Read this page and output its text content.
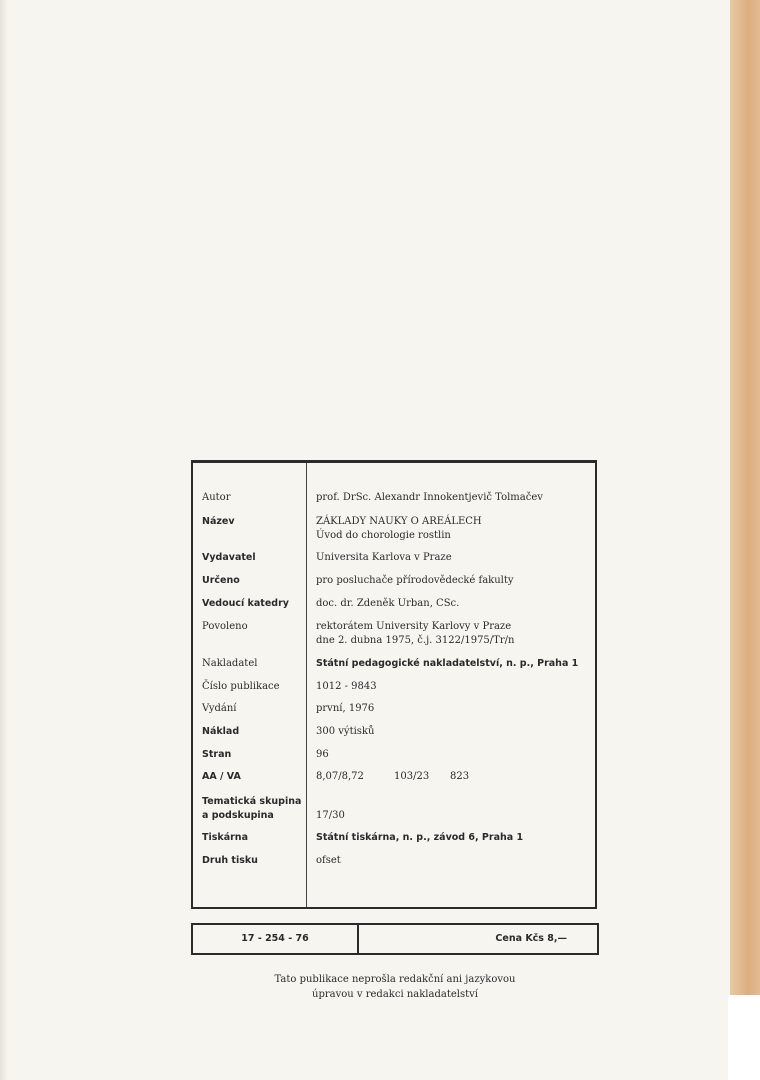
Autor	prof. DrSc. Alexandr Innokentjevič Tolmačev
Název	ZÁKLADY NAUKY O AREÁLECH
Úvod do chorologie rostlin
Vydavatel	Universita Karlova v Praze
Určeno	pro posluchače přírodovědecké fakulty
Vedoucí katedry	doc. dr. Zdeněk Urban, CSc.
Povoleno	rektorátem University Karlovy v Praze
dne 2. dubna 1975, č.j. 3122/1975/Tr/n
Nakladatel	Státní pedagogické nakladatelství, n. p., Praha 1
Číslo publikace	1012 - 9843
Vydání	první, 1976
Náklad	300 výtisků
Stran	96
AA / VA	8,07/8,72	103/23	823
Tematická skupina
a podskupina	17/30
Tiskárna	Státní tiskárna, n. p., závod 6, Praha 1
Druh tisku	ofset
17 - 254 - 76	Cena Kčs 8,—
Tato publikace neprošla redakční ani jazykovou
úpravou v redakci nakladatelství
